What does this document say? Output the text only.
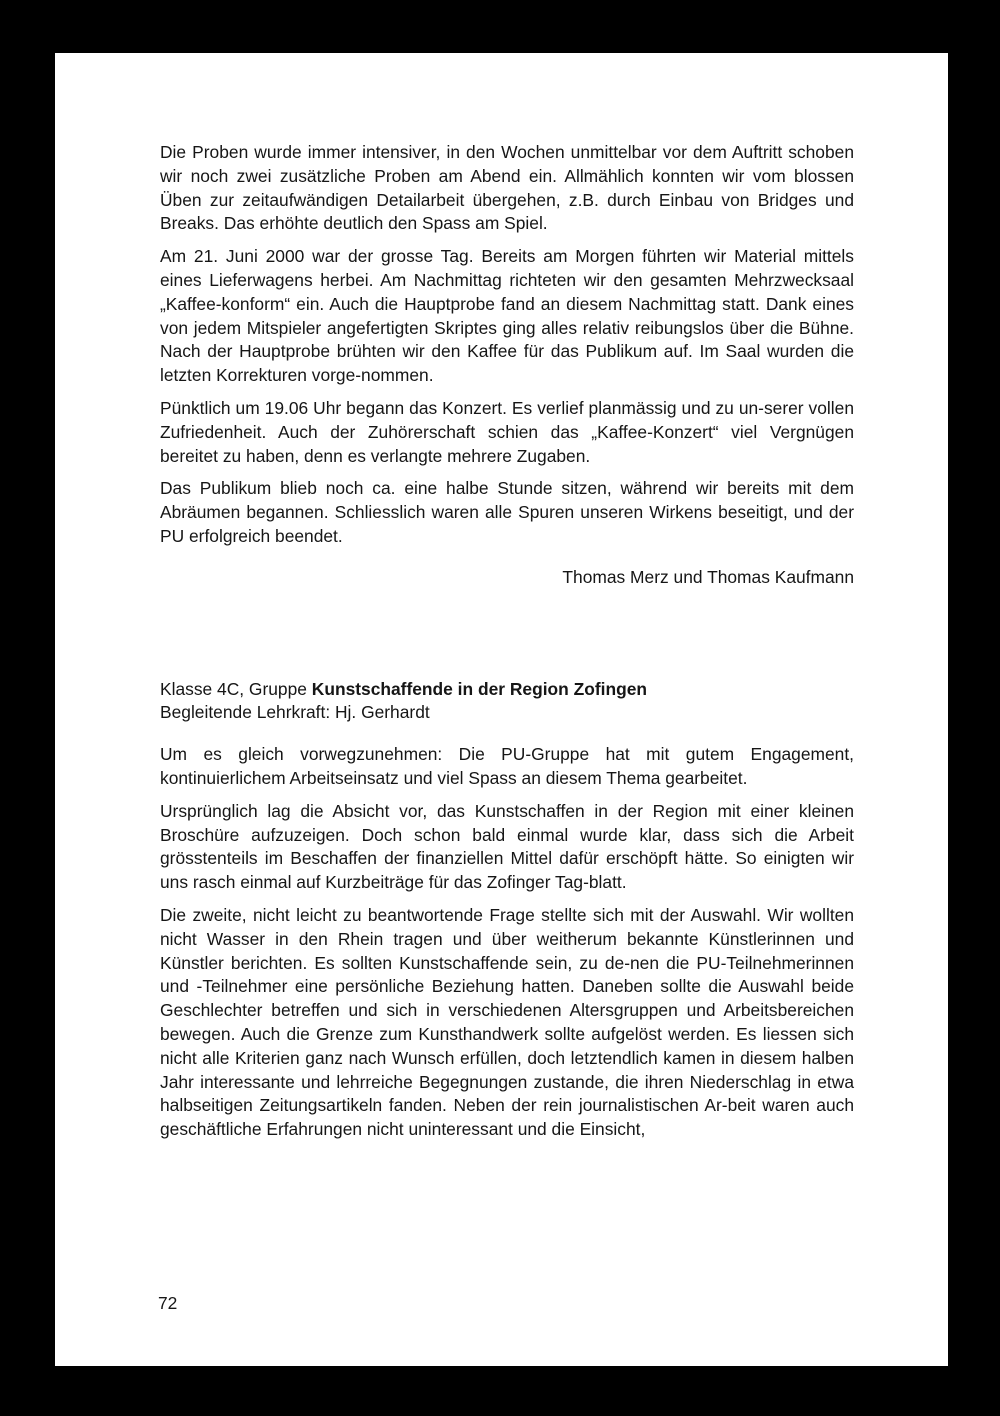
Die Proben wurde immer intensiver, in den Wochen unmittelbar vor dem Auftritt schoben wir noch zwei zusätzliche Proben am Abend ein. Allmählich konnten wir vom blossen Üben zur zeitaufwändigen Detailarbeit übergehen, z.B. durch Einbau von Bridges und Breaks. Das erhöhte deutlich den Spass am Spiel.

Am 21. Juni 2000 war der grosse Tag. Bereits am Morgen führten wir Material mittels eines Lieferwagens herbei. Am Nachmittag richteten wir den gesamten Mehrzwecksaal „Kaffee-konform“ ein. Auch die Hauptprobe fand an diesem Nachmittag statt. Dank eines von jedem Mitspieler angefertigten Skriptes ging alles relativ reibungslos über die Bühne. Nach der Hauptprobe brühten wir den Kaffee für das Publikum auf. Im Saal wurden die letzten Korrekturen vorge-nommen.

Pünktlich um 19.06 Uhr begann das Konzert. Es verlief planmässig und zu un-serer vollen Zufriedenheit. Auch der Zuhörerschaft schien das „Kaffee-Konzert“ viel Vergnügen bereitet zu haben, denn es verlangte mehrere Zugaben.

Das Publikum blieb noch ca. eine halbe Stunde sitzen, während wir bereits mit dem Abräumen begannen. Schliesslich waren alle Spuren unseren Wirkens beseitigt, und der PU erfolgreich beendet.

Thomas Merz und Thomas Kaufmann

Klasse 4C, Gruppe Kunstschaffende in der Region Zofingen
Begleitende Lehrkraft: Hj. Gerhardt

Um es gleich vorwegzunehmen: Die PU-Gruppe hat mit gutem Engagement, kontinuierlichem Arbeitseinsatz und viel Spass an diesem Thema gearbeitet.

Ursprünglich lag die Absicht vor, das Kunstschaffen in der Region mit einer kleinen Broschüre aufzuzeigen. Doch schon bald einmal wurde klar, dass sich die Arbeit grösstenteils im Beschaffen der finanziellen Mittel dafür erschöpft hätte. So einigten wir uns rasch einmal auf Kurzbeiträge für das Zofinger Tag-blatt.

Die zweite, nicht leicht zu beantwortende Frage stellte sich mit der Auswahl. Wir wollten nicht Wasser in den Rhein tragen und über weitherum bekannte Künstlerinnen und Künstler berichten. Es sollten Kunstschaffende sein, zu de-nen die PU-Teilnehmerinnen und -Teilnehmer eine persönliche Beziehung hatten. Daneben sollte die Auswahl beide Geschlechter betreffen und sich in verschiedenen Altersgruppen und Arbeitsbereichen bewegen. Auch die Grenze zum Kunsthandwerk sollte aufgelöst werden. Es liessen sich nicht alle Kriterien ganz nach Wunsch erfüllen, doch letztendlich kamen in diesem halben Jahr interessante und lehrreiche Begegnungen zustande, die ihren Niederschlag in etwa halbseitigen Zeitungsartikeln fanden. Neben der rein journalistischen Ar-beit waren auch geschäftliche Erfahrungen nicht uninteressant und die Einsicht,

72
